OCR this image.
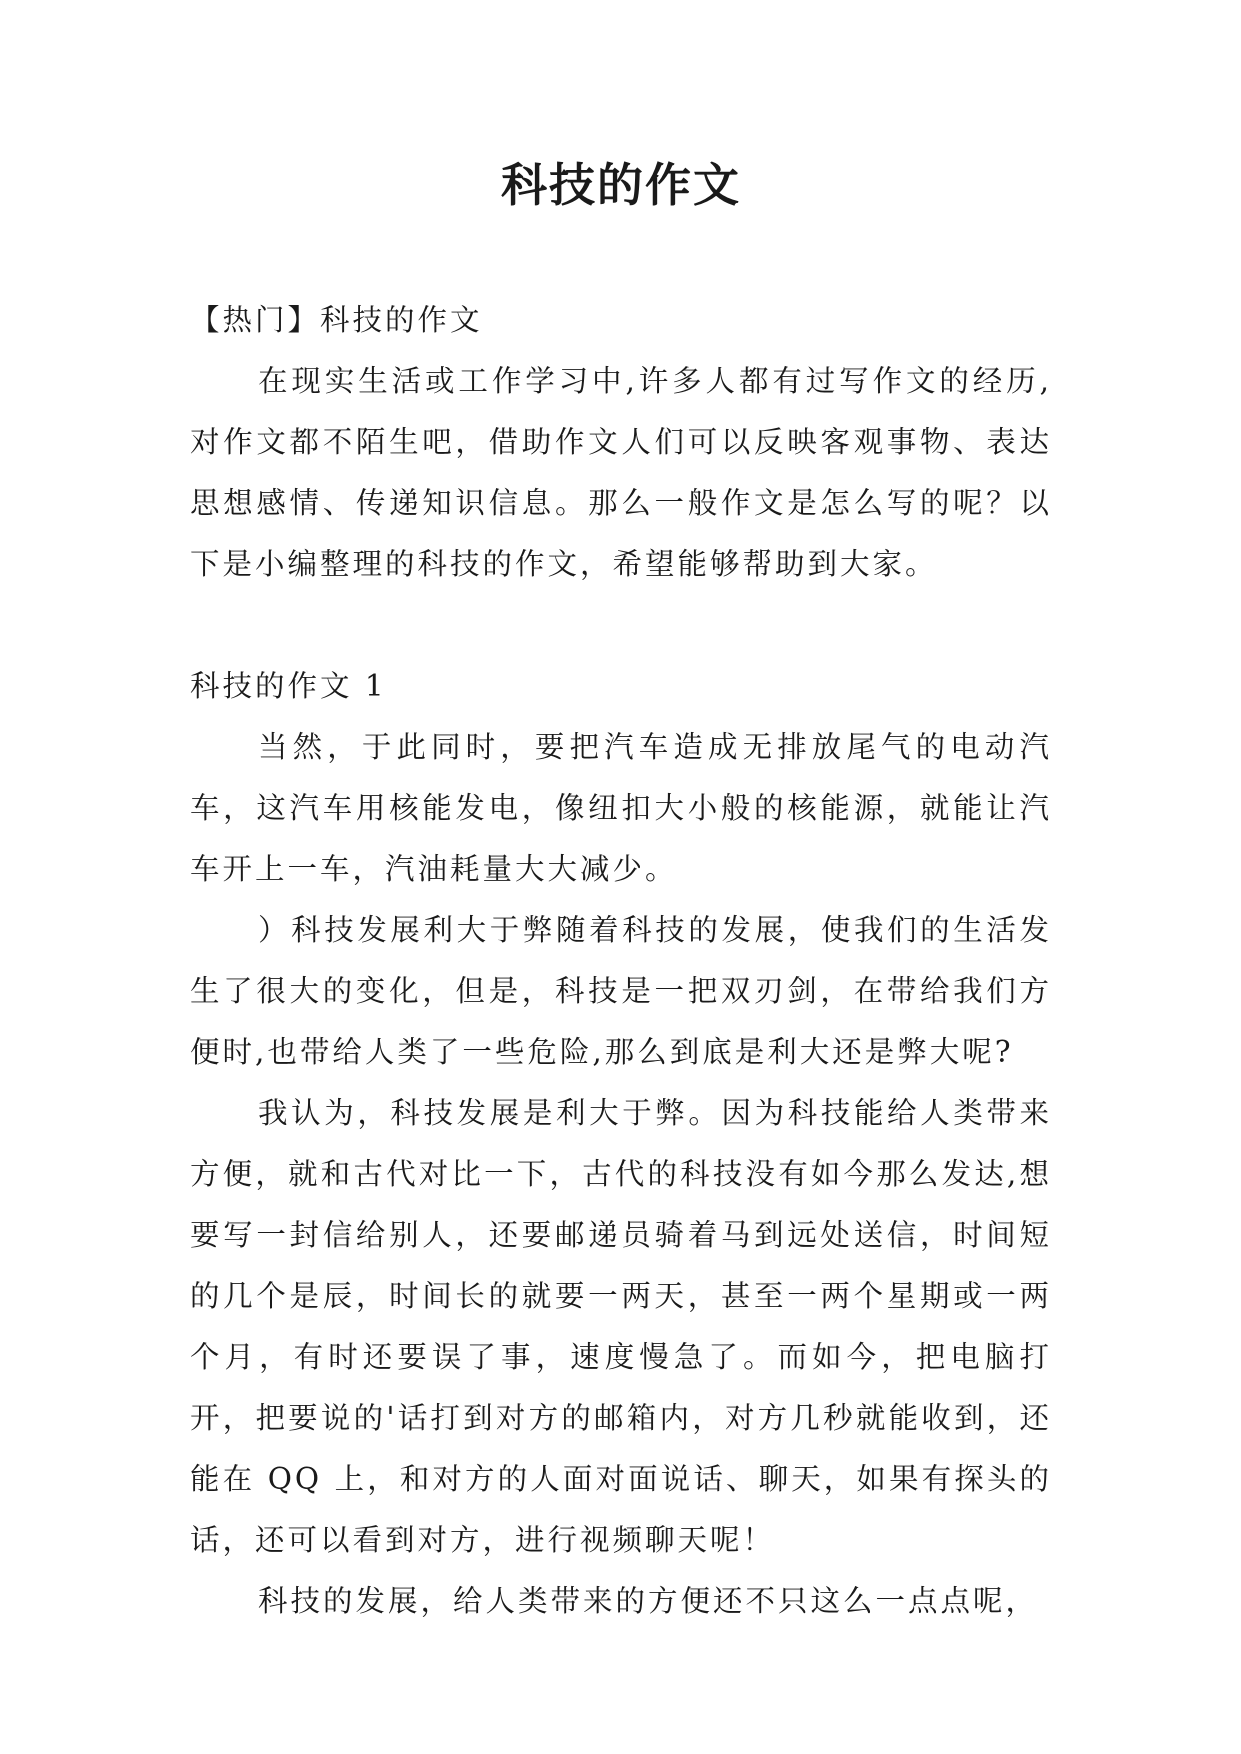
科技的作文

【热门】科技的作文

在现实生活或工作学习中,许多人都有过写作文的经历,对作文都不陌生吧，借助作文人们可以反映客观事物、表达思想感情、传递知识信息。那么一般作文是怎么写的呢？以下是小编整理的科技的作文，希望能够帮助到大家。

科技的作文 1

当然，于此同时，要把汽车造成无排放尾气的电动汽车，这汽车用核能发电，像纽扣大小般的核能源，就能让汽车开上一车，汽油耗量大大减少。

）科技发展利大于弊随着科技的发展，使我们的生活发生了很大的变化，但是，科技是一把双刃剑，在带给我们方便时,也带给人类了一些危险,那么到底是利大还是弊大呢?

我认为，科技发展是利大于弊。因为科技能给人类带来方便，就和古代对比一下，古代的科技没有如今那么发达,想要写一封信给别人，还要邮递员骑着马到远处送信，时间短的几个是辰，时间长的就要一两天，甚至一两个星期或一两个月，有时还要误了事，速度慢急了。而如今，把电脑打开，把要说的'话打到对方的邮箱内，对方几秒就能收到，还能在 QQ 上，和对方的人面对面说话、聊天，如果有探头的话，还可以看到对方，进行视频聊天呢！

科技的发展，给人类带来的方便还不只这么一点点呢，
